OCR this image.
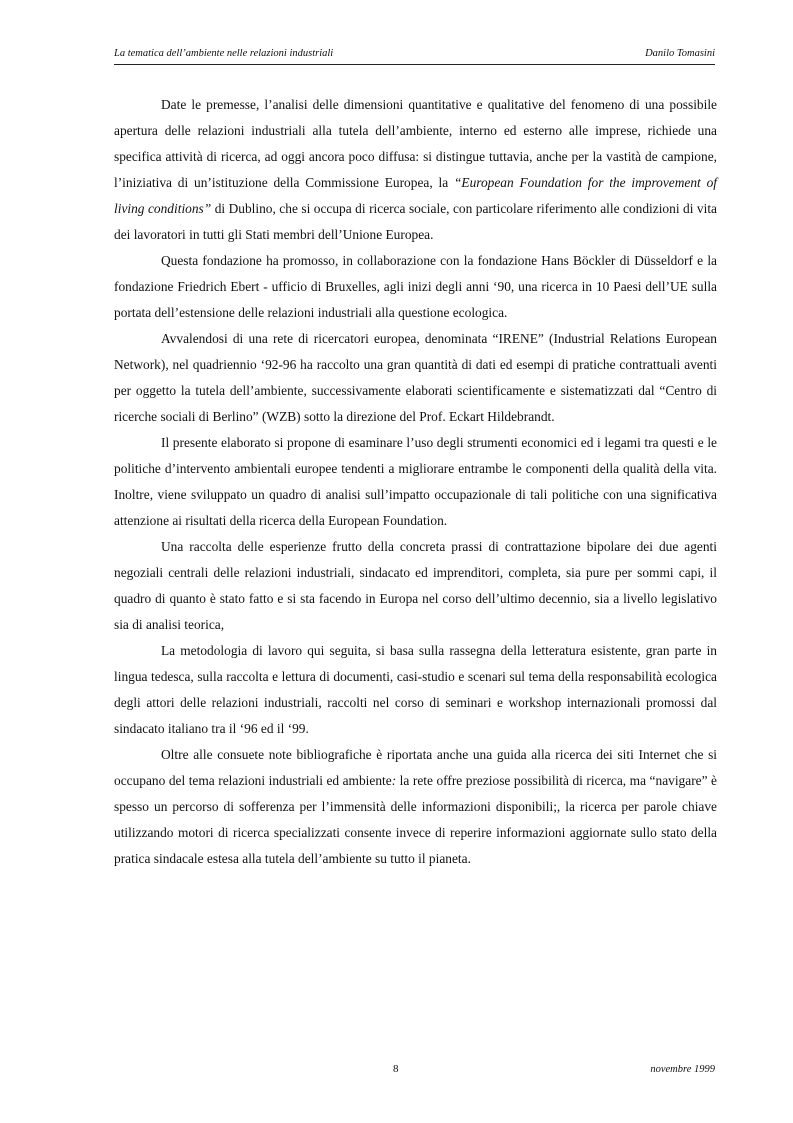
La tematica dell’ambiente nelle relazioni industriali	Danilo Tomasini

Date le premesse, l’analisi delle dimensioni quantitative e qualitative del fenomeno di una possibile apertura delle relazioni industriali alla tutela dell’ambiente, interno ed esterno alle imprese, richiede una specifica attività di ricerca, ad oggi ancora poco diffusa: si distingue tuttavia, anche per la vastità de campione, l’iniziativa di un’istituzione della Commissione Europea, la “European Foundation for the improvement of living conditions” di Dublino, che si occupa di ricerca sociale, con particolare riferimento alle condizioni di vita dei lavoratori in tutti gli Stati membri dell’Unione Europea.

Questa fondazione ha promosso, in collaborazione con la fondazione Hans Böckler di Düsseldorf e la fondazione Friedrich Ebert - ufficio di Bruxelles, agli inizi degli anni ‘90, una ricerca in 10 Paesi dell’UE sulla portata dell’estensione delle relazioni industriali alla questione ecologica.

Avvalendosi di una rete di ricercatori europea, denominata “IRENE” (Industrial Relations European Network), nel quadriennio ‘92-96 ha raccolto una gran quantità di dati ed esempi di pratiche contrattuali aventi per oggetto la tutela dell’ambiente, successivamente elaborati scientificamente e sistematizzati dal “Centro di ricerche sociali di Berlino” (WZB) sotto la direzione del Prof. Eckart Hildebrandt.

Il presente elaborato si propone di esaminare l’uso degli strumenti economici ed i legami tra questi e le politiche d’intervento ambientali europee tendenti a migliorare entrambe le componenti della qualità della vita. Inoltre, viene sviluppato un quadro di analisi sull’impatto occupazionale di tali politiche con una significativa attenzione ai risultati della ricerca della European Foundation.

Una raccolta delle esperienze frutto della concreta prassi di contrattazione bipolare dei due agenti negoziali centrali delle relazioni industriali, sindacato ed imprenditori, completa, sia pure per sommi capi, il quadro di quanto è stato fatto e si sta facendo in Europa nel corso dell’ultimo decennio, sia a livello legislativo sia di analisi teorica,

La metodologia di lavoro qui seguita, si basa sulla rassegna della letteratura esistente, gran parte in lingua tedesca, sulla raccolta e lettura di documenti, casi-studio e scenari sul tema della responsabilità ecologica degli attori delle relazioni industriali, raccolti nel corso di seminari e workshop internazionali promossi dal sindacato italiano tra il ‘96 ed il ‘99.

Oltre alle consuete note bibliografiche è riportata anche una guida alla ricerca dei siti Internet che si occupano del tema relazioni industriali ed ambiente: la rete offre preziose possibilità di ricerca, ma “navigare” è spesso un percorso di sofferenza per l’immensità delle informazioni disponibili;, la ricerca per parole chiave utilizzando motori di ricerca specializzati consente invece di reperire informazioni aggiornate sullo stato della pratica sindacale estesa alla tutela dell’ambiente su tutto il pianeta.

8	novembre 1999
